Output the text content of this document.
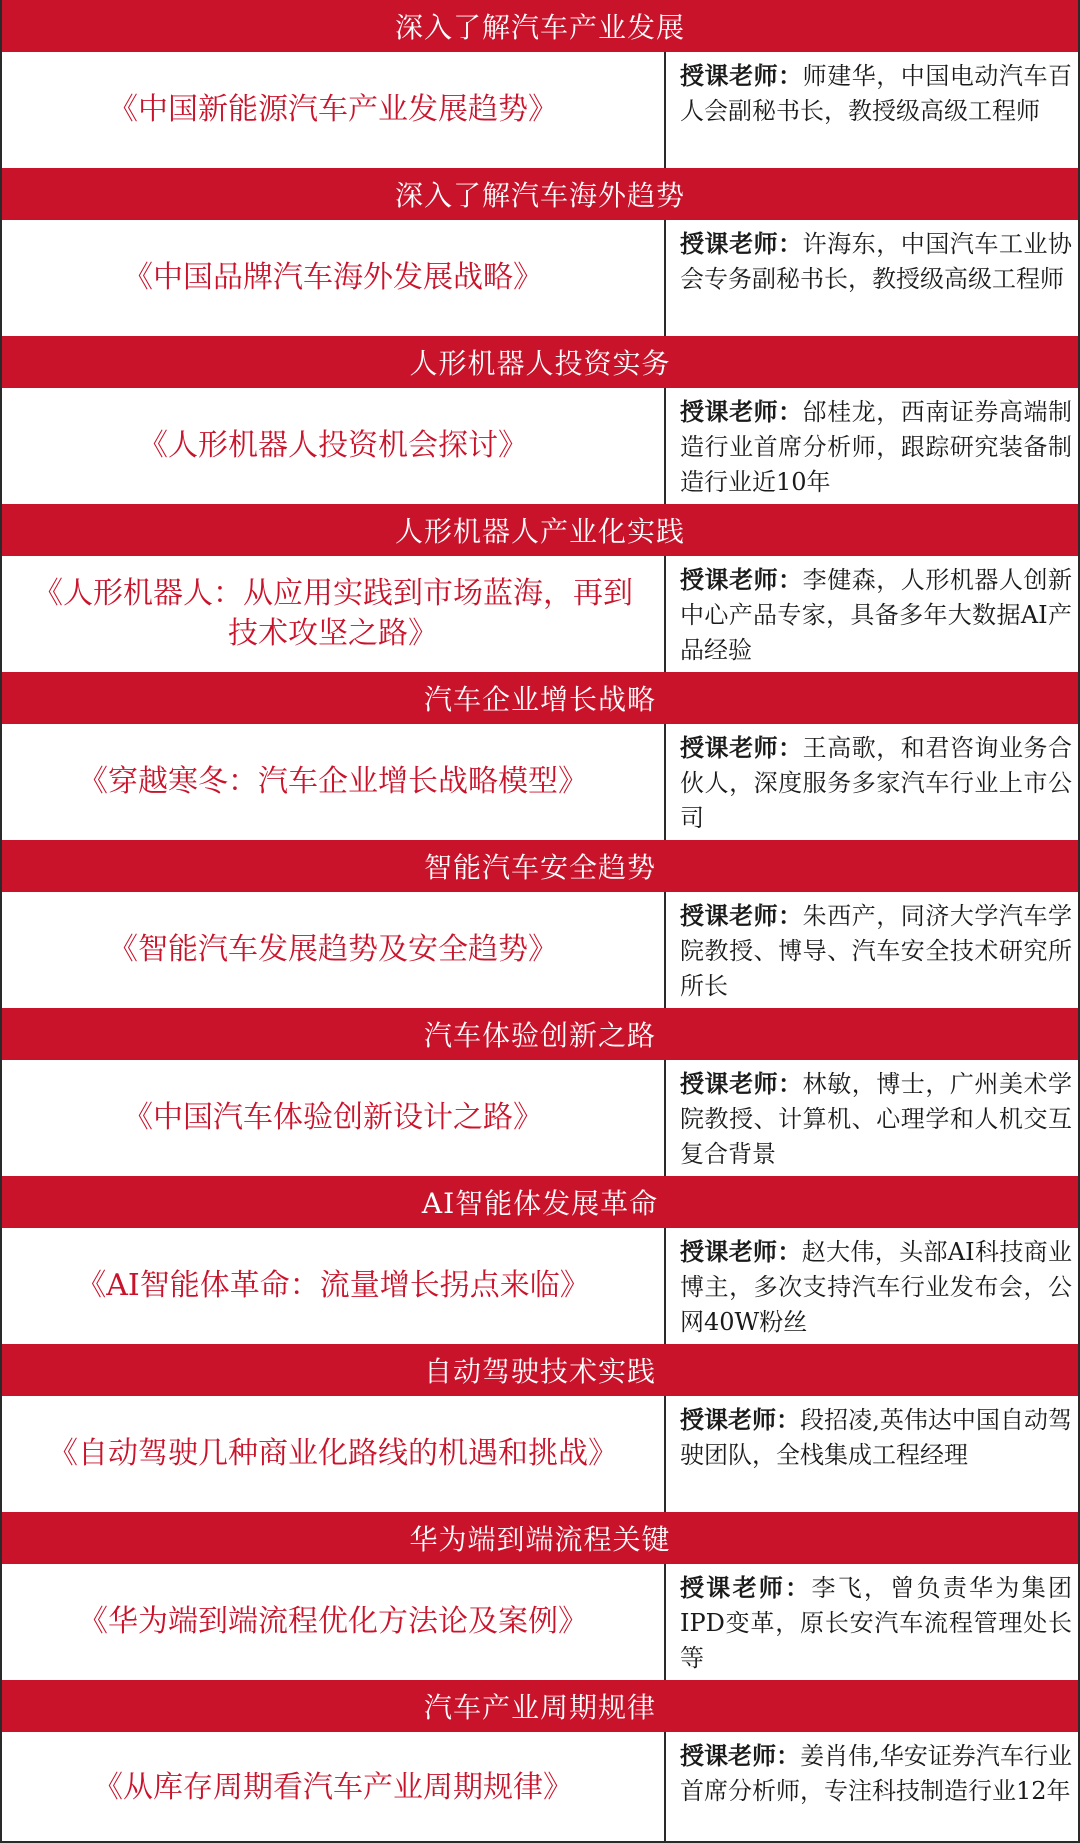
深入了解汽车产业发展
《中国新能源汽车产业发展趋势》
授课老师：师建华，中国电动汽车百人会副秘书长，教授级高级工程师
深入了解汽车海外趋势
《中国品牌汽车海外发展战略》
授课老师：许海东，中国汽车工业协会专务副秘书长，教授级高级工程师
人形机器人投资实务
《人形机器人投资机会探讨》
授课老师：邰桂龙，西南证券高端制造行业首席分析师，跟踪研究装备制造行业近10年
人形机器人产业化实践
《人形机器人：从应用实践到市场蓝海，再到技术攻坚之路》
授课老师：李健森，人形机器人创新中心产品专家，具备多年大数据AI产品经验
汽车企业增长战略
《穿越寒冬：汽车企业增长战略模型》
授课老师：王高歌，和君咨询业务合伙人，深度服务多家汽车行业上市公司
智能汽车安全趋势
《智能汽车发展趋势及安全趋势》
授课老师：朱西产，同济大学汽车学院教授、博导、汽车安全技术研究所所长
汽车体验创新之路
《中国汽车体验创新设计之路》
授课老师：林敏，博士，广州美术学院教授、计算机、心理学和人机交互复合背景
AI智能体发展革命
《AI智能体革命：流量增长拐点来临》
授课老师：赵大伟，头部AI科技商业博主，多次支持汽车行业发布会，公网40W粉丝
自动驾驶技术实践
《自动驾驶几种商业化路线的机遇和挑战》
授课老师：段招凌,英伟达中国自动驾驶团队，全栈集成工程经理
华为端到端流程关键
《华为端到端流程优化方法论及案例》
授课老师：李飞，曾负责华为集团IPD变革，原长安汽车流程管理处长等
汽车产业周期规律
《从库存周期看汽车产业周期规律》
授课老师：姜肖伟,华安证券汽车行业首席分析师，专注科技制造行业12年
